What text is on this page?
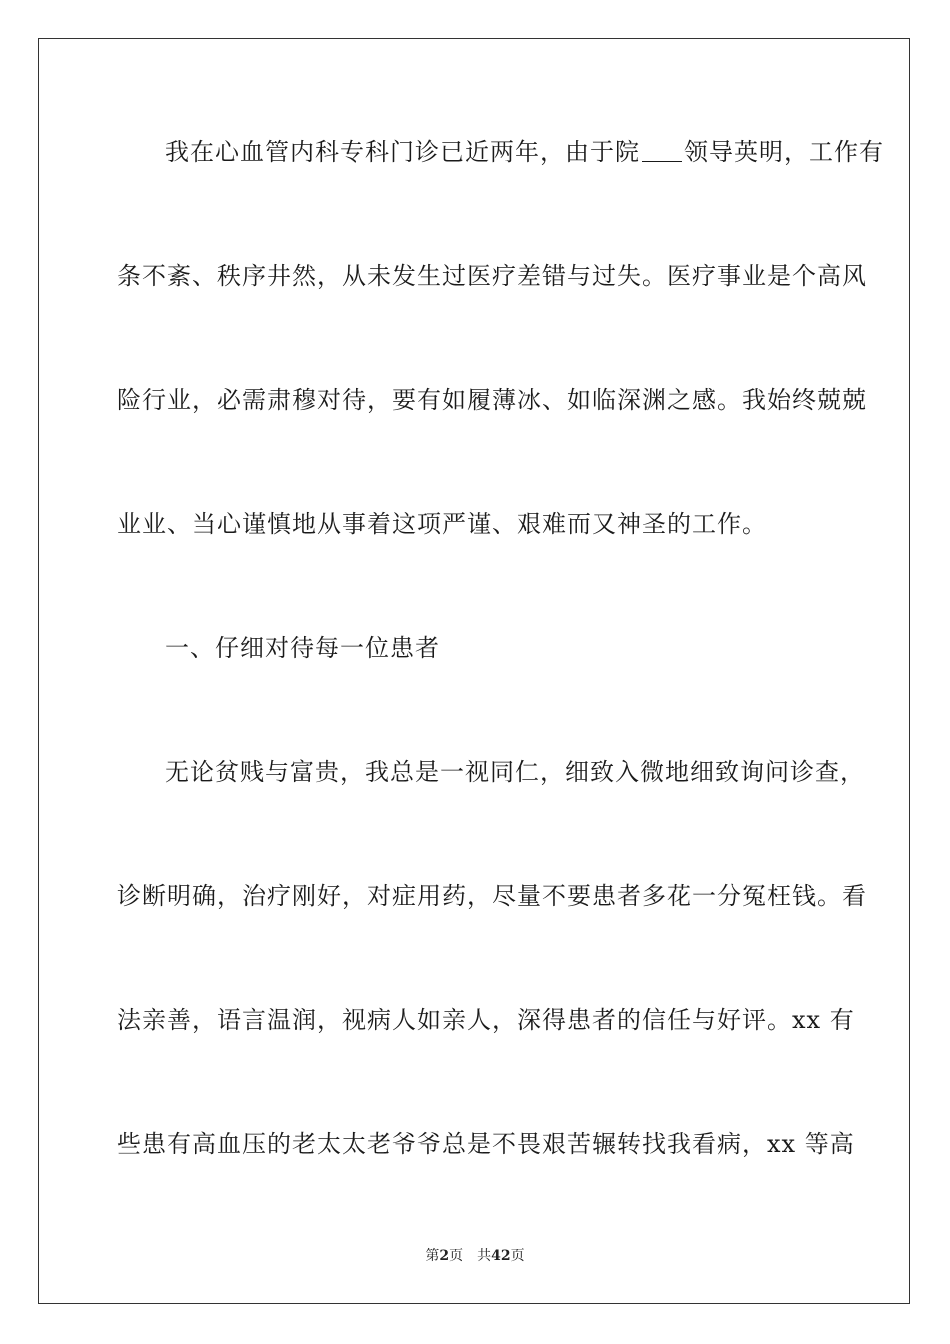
我在心血管内科专科门诊已近两年，由于院 领导英明，工作有
条不紊、秩序井然，从未发生过医疗差错与过失。医疗事业是个高风
险行业，必需肃穆对待，要有如履薄冰、如临深渊之感。我始终兢兢
业业、当心谨慎地从事着这项严谨、艰难而又神圣的工作。
一、仔细对待每一位患者
无论贫贱与富贵，我总是一视同仁，细致入微地细致询问诊查，
诊断明确，治疗刚好，对症用药，尽量不要患者多花一分冤枉钱。看
法亲善，语言温润，视病人如亲人，深得患者的信任与好评。xx 有
些患有高血压的老太太老爷爷总是不畏艰苦辗转找我看病，xx 等高
第2页 共42页
